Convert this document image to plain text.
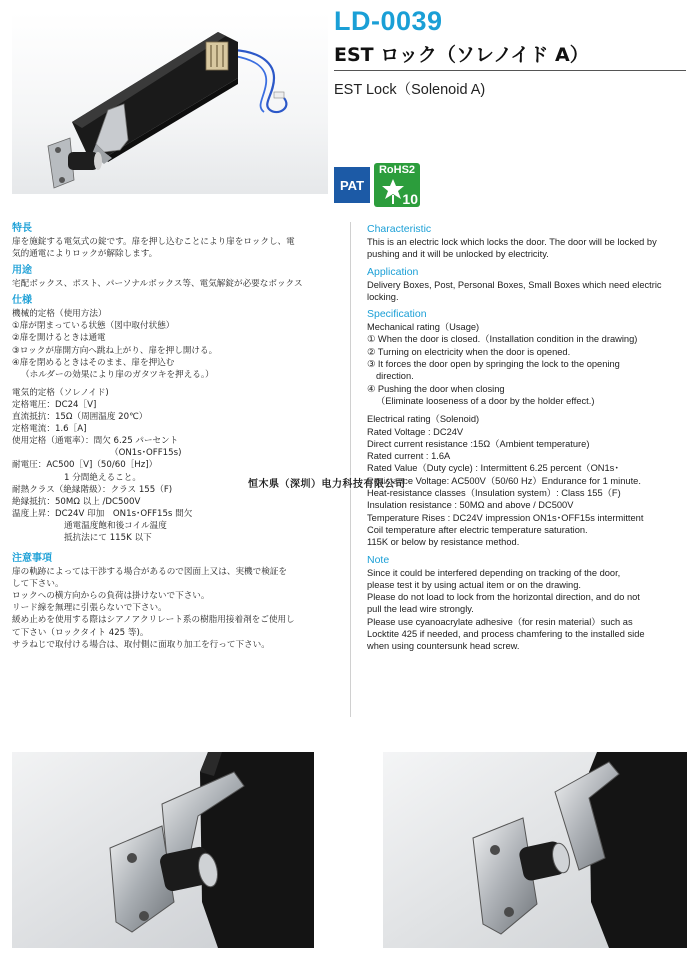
LD-0039
EST ロック（ソレノイド A）
EST Lock（Solenoid A)
PAT
RoHS2
10
特長
扉を施錠する電気式の錠です。扉を押し込むことにより扉をロックし、電
気的通電によりロックが解除します。
用途
宅配ボックス、ポスト、パーソナルボックス等、電気解錠が必要なボックス
仕様
機械的定格（使用方法）
①扉が閉まっている状態（図中取付状態）
②扉を開けるときは通電
③ロックが扉開方向へ跳ね上がり、扉を押し開ける。
④扉を閉めるときはそのまま、扉を押込む
（ホルダーの効果により扉のガタツキを押える。）
電気的定格（ソレノイド)
定格電圧：DC24［V]
直流抵抗：15Ω（周囲温度 20℃）
定格電流：1.6［A]
使用定格（通電率）：間欠 6.25 パーセント
（ON1s･OFF15s)
耐電圧：AC500［V]（50/60［Hz]）
1 分間絶えること。
耐熱クラス（絶縁階級）：クラス 155（F)
絶縁抵抗：50MΩ 以上 /DC500V
温度上昇：DC24V 印加　ON1s･OFF15s 間欠
通電温度飽和後コイル温度
抵抗法にて 115K 以下
注意事項
扉の軌跡によっては干渉する場合があるので図面上又は、実機で検証を
して下さい。
ロックへの横方向からの負荷は掛けないで下さい。
リード線を無理に引張らないで下さい。
緩め止めを使用する際はシアノアクリレート系の樹脂用接着剤をご使用し
て下さい（ロックタイト 425 等)。
サラねじで取付ける場合は、取付側に面取り加工を行って下さい。
Characteristic
This is an electric lock which locks the door. The door will be locked by pushing and it will be unlocked by electricity.
Application
Delivery Boxes, Post, Personal Boxes, Small Boxes which need electric locking.
Specification
Mechanical rating（Usage)
① When the door is closed.（Installation condition in the drawing)
② Turning on electricity when the door is opened.
③ It forces the door open by springing the lock to the opening
direction.
④ Pushing the door when closing
（Eliminate looseness of a door by the holder effect.)
Electrical rating（Solenoid)
Rated Voltage : DC24V
Direct current resistance :15Ω（Ambient temperature)
Rated current : 1.6A
Rated Value（Duty cycle) : Intermittent 6.25 percent（ON1s･
Resistance Voltage: AC500V（50/60 Hz）Endurance for 1 minute.
Heat-resistance classes（Insulation system）: Class 155（F)
Insulation resistance : 50MΩ and above / DC500V
Temperature Rises : DC24V impression ON1s･OFF15s intermittent
Coil temperature after electric temperature saturation.
115K or below by resistance method.
Note
Since it could be interfered depending on tracking of the door,
please test it by using actual item or on the drawing.
Please do not load to lock from the horizontal direction, and do not
pull the lead wire strongly.
Please use cyanoacrylate adhesive（for resin material）such as
Locktite 425 if needed, and process chamfering to the installed side
when using countersunk head screw.
恒木県（深圳）电力科技有限公司
